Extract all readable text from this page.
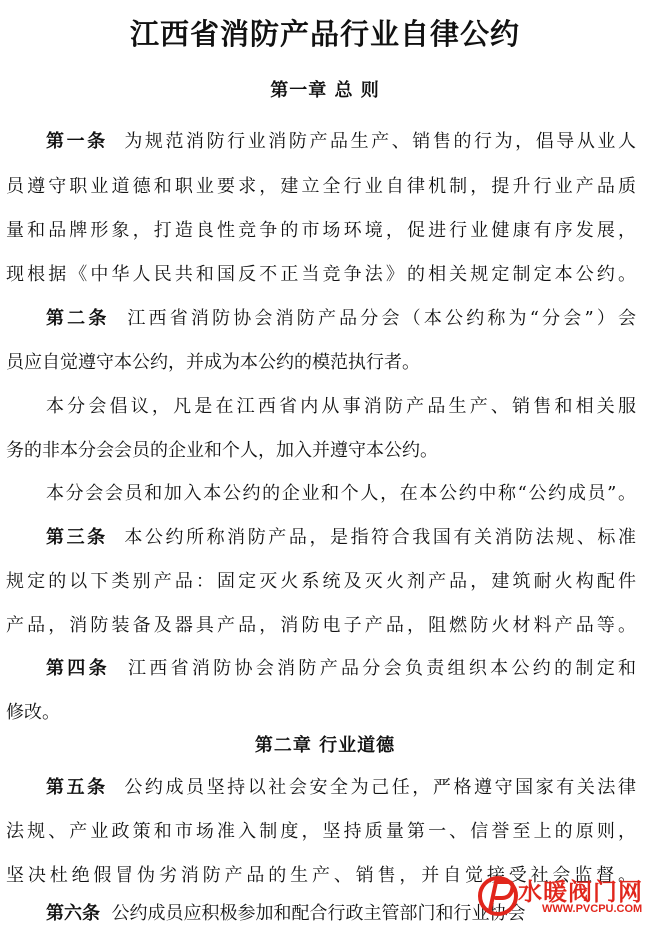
江西省消防产品行业自律公约
第一章 总 则

第一条 为规范消防行业消防产品生产、销售的行为，倡导从业人

员遵守职业道德和职业要求，建立全行业自律机制，提升行业产品质

量和品牌形象，打造良性竞争的市场环境，促进行业健康有序发展，

现根据《中华人民共和国反不正当竞争法》的相关规定制定本公约。

第二条 江西省消防协会消防产品分会（本公约称为“分会”）会

员应自觉遵守本公约，并成为本公约的模范执行者。

本分会倡议，凡是在江西省内从事消防产品生产、销售和相关服

务的非本分会会员的企业和个人，加入并遵守本公约。

本分会会员和加入本公约的企业和个人，在本公约中称“公约成员”。

第三条 本公约所称消防产品，是指符合我国有关消防法规、标准

规定的以下类别产品：固定灭火系统及灭火剂产品，建筑耐火构配件

产品，消防装备及器具产品，消防电子产品，阻燃防火材料产品等。

第四条 江西省消防协会消防产品分会负责组织本公约的制定和

修改。

第二章 行业道德

第五条 公约成员坚持以社会安全为己任，严格遵守国家有关法律

法规、产业政策和市场准入制度，坚持质量第一、信誉至上的原则，

坚决杜绝假冒伪劣消防产品的生产、销售，并自觉接受社会监督。

第六条 公约成员应积极参加和配合行政主管部门和行业协会

水暖阀门网
WWW.PVCPU.COM
